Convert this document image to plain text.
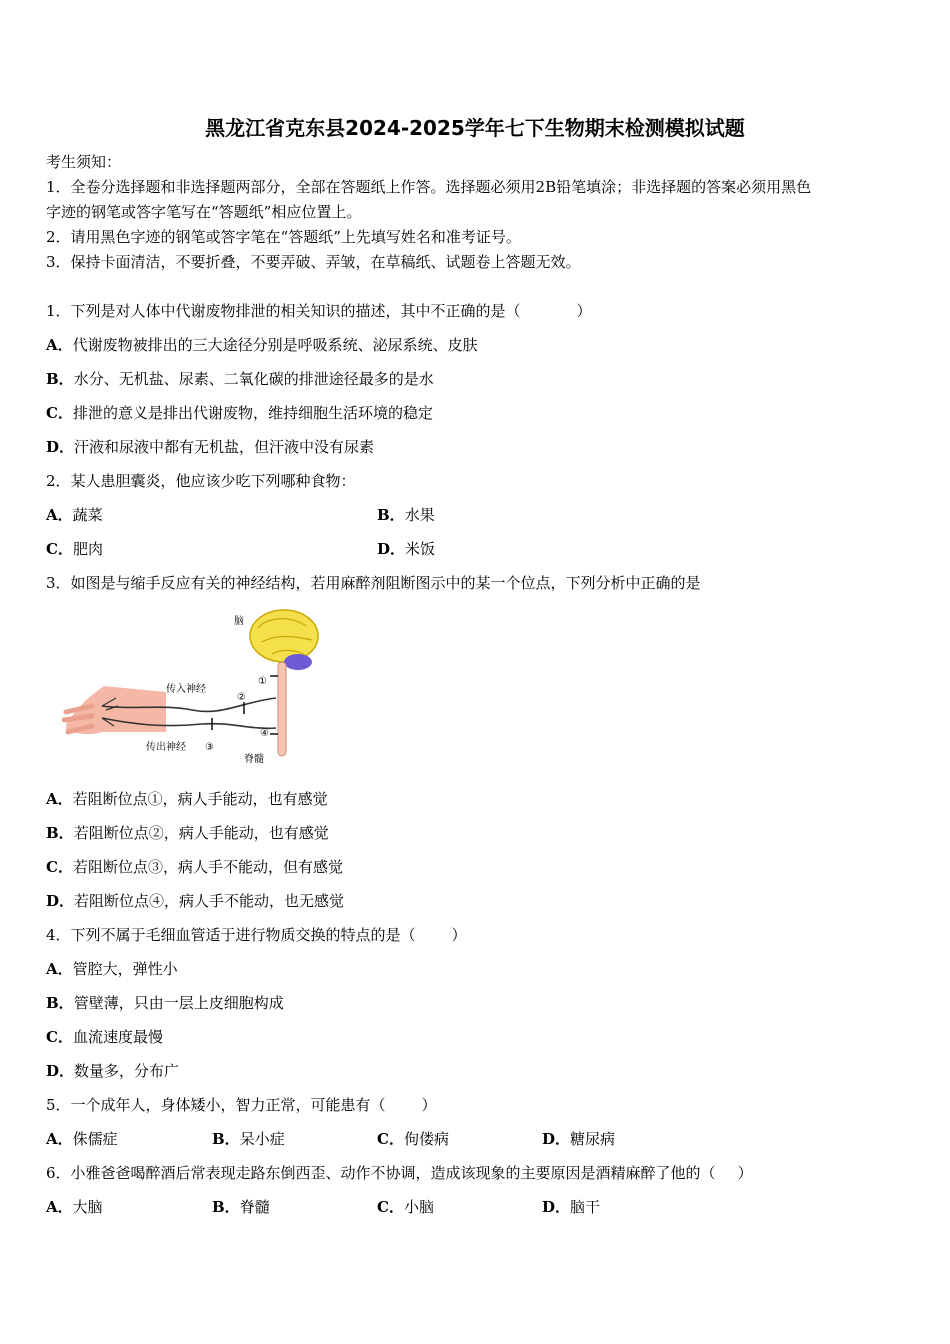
黑龙江省克东县2024-2025学年七下生物期末检测模拟试题
考生须知：
1．全卷分选择题和非选择题两部分，全部在答题纸上作答。选择题必须用2B铅笔填涂；非选择题的答案必须用黑色
字迹的钢笔或答字笔写在“答题纸”相应位置上。
2．请用黑色字迹的钢笔或答字笔在“答题纸”上先填写姓名和准考证号。
3．保持卡面清洁，不要折叠，不要弄破、弄皱，在草稿纸、试题卷上答题无效。
1．下列是对人体中代谢废物排泄的相关知识的描述，其中不正确的是（	）
A．代谢废物被排出的三大途径分别是呼吸系统、泌尿系统、皮肤
B．水分、无机盐、尿素、二氧化碳的排泄途径最多的是水
C．排泄的意义是排出代谢废物，维持细胞生活环境的稳定
D．汗液和尿液中都有无机盐，但汗液中没有尿素
2．某人患胆囊炎，他应该少吃下列哪种食物：
A．蔬菜	B．水果
C．肥肉	D．米饭
3．如图是与缩手反应有关的神经结构，若用麻醉剂阻断图示中的某一个位点，下列分析中正确的是
脑
传入神经
传出神经
脊髓
①
②
③
④
A．若阻断位点①，病人手能动，也有感觉
B．若阻断位点②，病人手能动，也有感觉
C．若阻断位点③，病人手不能动，但有感觉
D．若阻断位点④，病人手不能动，也无感觉
4．下列不属于毛细血管适于进行物质交换的特点的是（ ）
A．管腔大，弹性小
B．管壁薄，只由一层上皮细胞构成
C．血流速度最慢
D．数量多，分布广
5．一个成年人，身体矮小，智力正常，可能患有（ ）
A．侏儒症	B．呆小症	C．佝偻病	D．糖尿病
6．小雅爸爸喝醉酒后常表现走路东倒西歪、动作不协调，造成该现象的主要原因是酒精麻醉了他的（ ）
A．大脑	B．脊髓	C．小脑	D．脑干
